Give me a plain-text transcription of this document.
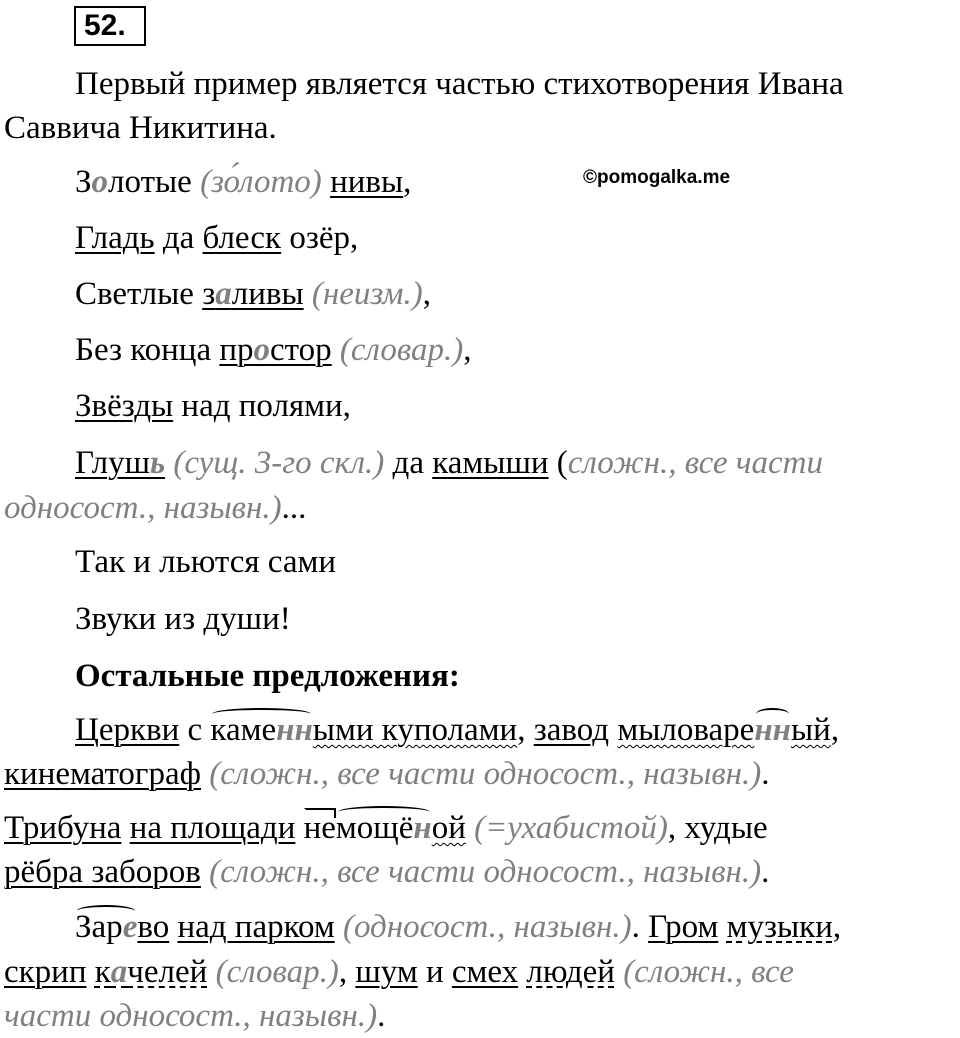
52.
©pomogalka.me
Первый пример является частью стихотворения Ивана
Саввича Никитина.
Золотые (зо́лото) нивы,
Гладь да блеск озёр,
Светлые заливы (неизм.),
Без конца простор (словар.),
Звёзды над полями,
Глушь (сущ. 3-го скл.) да камыши (сложн., все части
односост., назывн.)...
Так и льются сами
Звуки из души!
Остальные предложения:
Церкви с каменными куполами, завод мыловаренный,
кинематограф (сложн., все части односост., назывн.).
Трибуна на площади немощёной (=ухабистой), худые
рёбра заборов (сложн., все части односост., назывн.).
Зарево над парком (односост., назывн.). Гром музыки,
скрип качелей (словар.), шум и смех людей (сложн., все
части односост., назывн.).
